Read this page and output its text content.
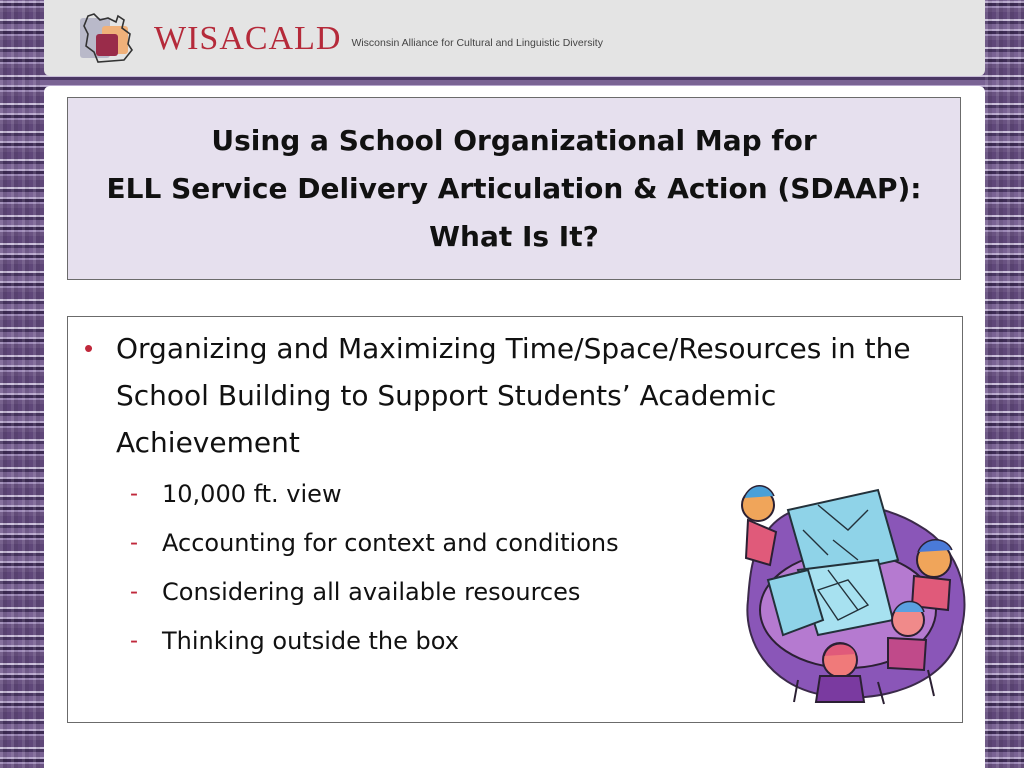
WISACALD Wisconsin Alliance for Cultural and Linguistic Diversity
Using a School Organizational Map for
ELL Service Delivery Articulation & Action (SDAAP):
What Is It?
• Organizing and Maximizing Time/Space/Resources in the School Building to Support Students’ Academic Achievement
-	10,000 ft. view
-	Accounting for context and conditions
-	Considering all available resources
-	Thinking outside the box
